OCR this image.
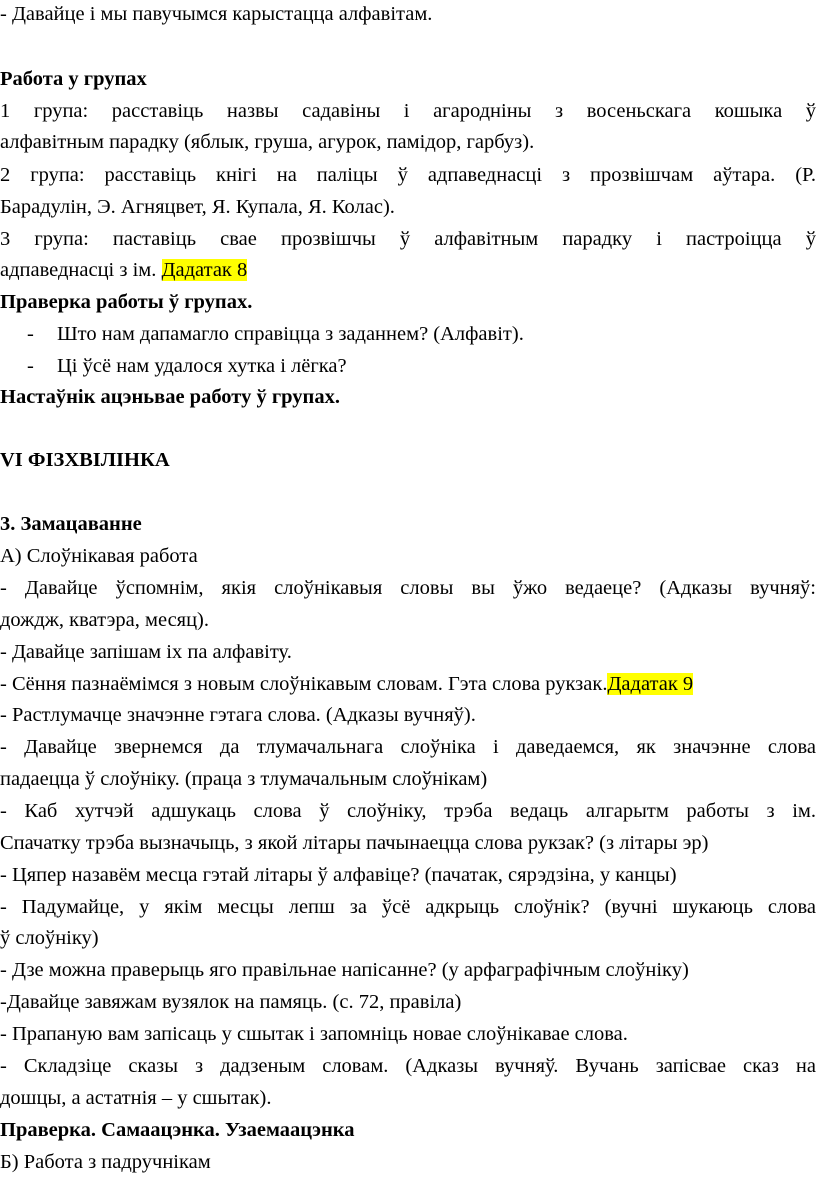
- Давайце і мы павучымся карыстацца алфавітам.
Работа у групах
1 група: расставіць назвы садавіны і агародніны з восеньскага кошыка ў
алфавітным парадку (яблык, груша, агурок, памідор, гарбуз).
2 група: расставіць кнігі на паліцы ў адпаведнасці з прозвішчам аўтара. (Р.
Барадулін, Э. Агняцвет, Я. Купала, Я. Колас).
3 група: паставіць свае прозвішчы ў алфавітным парадку і пастроіцца ў
адпаведнасці з ім. Дадатак 8
Праверка работы ў групах.
- Што нам дапамагло справіцца з заданнем? (Алфавіт).
- Ці ўсё нам удалося хутка і лёгка?
Настаўнік ацэньвае работу ў групах.
VI ФІЗХВІЛІНКА
3. Замацаванне
А) Слоўнікавая работа
- Давайце ўспомнім, якія слоўнікавыя словы вы ўжо ведаеце? (Адказы вучняў:
дождж, кватэра, месяц).
- Давайце запішам іх па алфавіту.
- Сёння пазнаёмімся з новым слоўнікавым словам. Гэта слова рукзак.Дадатак 9
- Растлумачце значэнне гэтага слова. (Адказы вучняў).
- Давайце звернемся да тлумачальнага слоўніка і даведаемся, як значэнне слова
падаецца ў слоўніку. (праца з тлумачальным слоўнікам)
- Каб хутчэй адшукаць слова ў слоўніку, трэба ведаць алгарытм работы з ім.
Спачатку трэба вызначыць, з якой літары пачынаецца слова рукзак? (з літары эр)
- Цяпер назавём месца гэтай літары ў алфавіце? (пачатак, сярэдзіна, у канцы)
- Падумайце, у якім месцы лепш за ўсё адкрыць слоўнік? (вучні шукаюць слова
ў слоўніку)
- Дзе можна праверыць яго правільнае напісанне? (у арфаграфічным слоўніку)
-Давайце завяжам вузялок на памяць. (с. 72, правіла)
- Прапаную вам запісаць у сшытак і запомніць новае слоўнікавае слова.
- Складзіце сказы з дадзеным словам. (Адказы вучняў. Вучань запісвае сказ на
дошцы, а астатнія – у сшытак).
Праверка. Самаацэнка. Узаемаацэнка
Б) Работа з падручнікам
